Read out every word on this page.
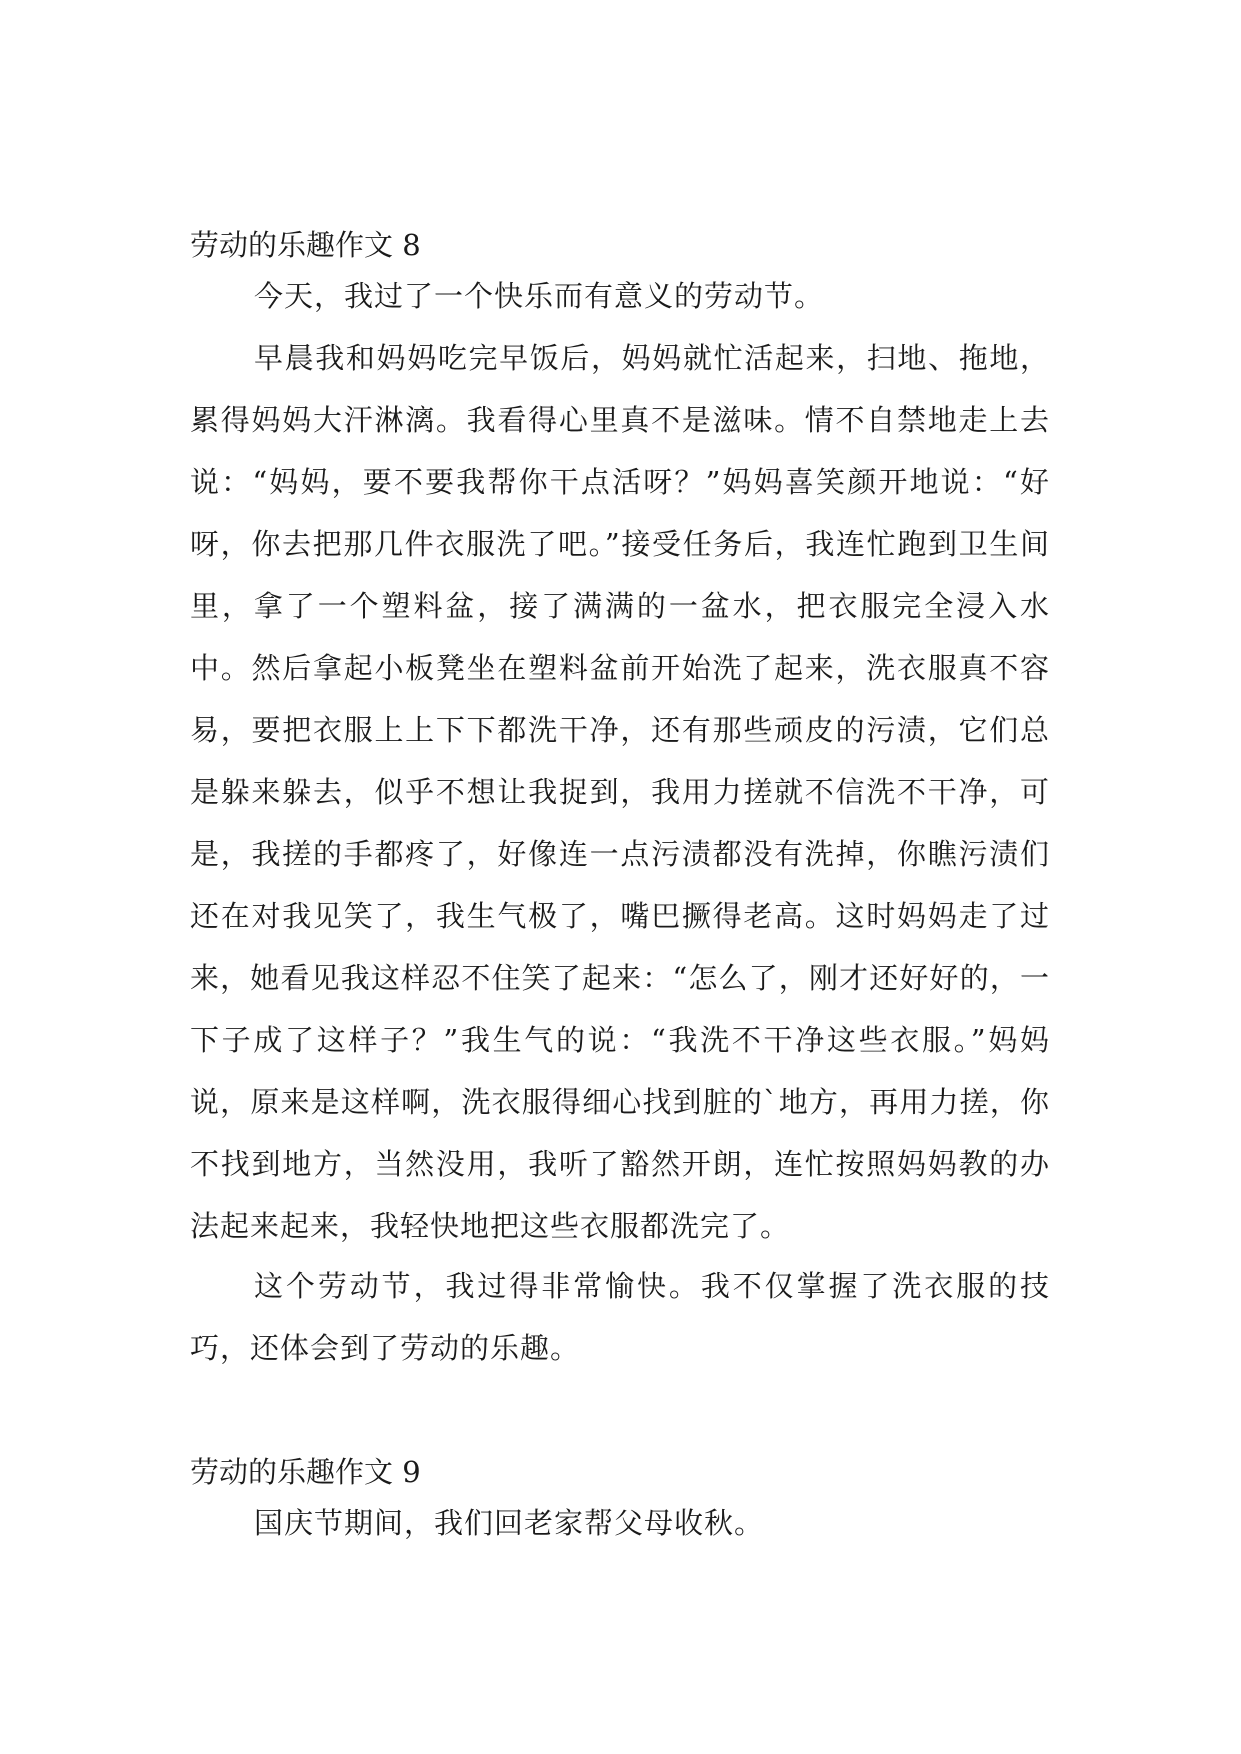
劳动的乐趣作文 8

今天，我过了一个快乐而有意义的劳动节。

早晨我和妈妈吃完早饭后，妈妈就忙活起来，扫地、拖地，累得妈妈大汗淋漓。我看得心里真不是滋味。情不自禁地走上去说：“妈妈，要不要我帮你干点活呀？”妈妈喜笑颜开地说：“好呀，你去把那几件衣服洗了吧。”接受任务后，我连忙跑到卫生间里，拿了一个塑料盆，接了满满的一盆水，把衣服完全浸入水中。然后拿起小板凳坐在塑料盆前开始洗了起来，洗衣服真不容易，要把衣服上上下下都洗干净，还有那些顽皮的污渍，它们总是躲来躲去，似乎不想让我捉到，我用力搓就不信洗不干净，可是，我搓的手都疼了，好像连一点污渍都没有洗掉，你瞧污渍们还在对我见笑了，我生气极了，嘴巴撅得老高。这时妈妈走了过来，她看见我这样忍不住笑了起来：“怎么了，刚才还好好的，一下子成了这样子？”我生气的说：“我洗不干净这些衣服。”妈妈说，原来是这样啊，洗衣服得细心找到脏的`地方，再用力搓，你不找到地方，当然没用，我听了豁然开朗，连忙按照妈妈教的办法起来起来，我轻快地把这些衣服都洗完了。

这个劳动节，我过得非常愉快。我不仅掌握了洗衣服的技巧，还体会到了劳动的乐趣。

劳动的乐趣作文 9

国庆节期间，我们回老家帮父母收秋。
